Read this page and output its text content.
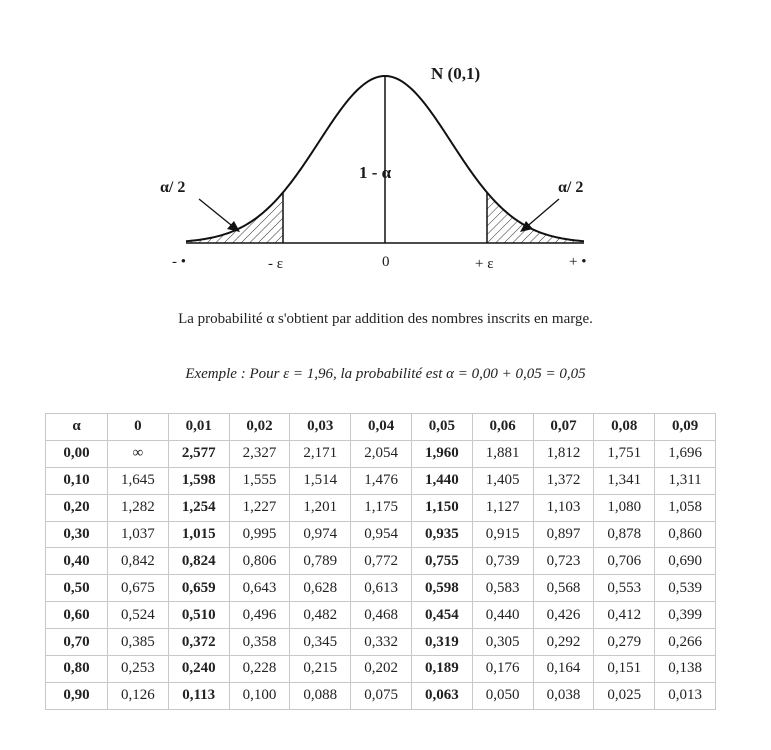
N (0,1)
1 - α
α/ 2	α/ 2
- •	- ε	0	+ ε	+ •
La probabilité α s'obtient par addition des nombres inscrits en marge.
Exemple : Pour ε = 1,96, la probabilité est α = 0,00 + 0,05 = 0,05
α	0	0,01	0,02	0,03	0,04	0,05	0,06	0,07	0,08	0,09
0,00	∞	2,577	2,327	2,171	2,054	1,960	1,881	1,812	1,751	1,696
0,10	1,645	1,598	1,555	1,514	1,476	1,440	1,405	1,372	1,341	1,311
0,20	1,282	1,254	1,227	1,201	1,175	1,150	1,127	1,103	1,080	1,058
0,30	1,037	1,015	0,995	0,974	0,954	0,935	0,915	0,897	0,878	0,860
0,40	0,842	0,824	0,806	0,789	0,772	0,755	0,739	0,723	0,706	0,690
0,50	0,675	0,659	0,643	0,628	0,613	0,598	0,583	0,568	0,553	0,539
0,60	0,524	0,510	0,496	0,482	0,468	0,454	0,440	0,426	0,412	0,399
0,70	0,385	0,372	0,358	0,345	0,332	0,319	0,305	0,292	0,279	0,266
0,80	0,253	0,240	0,228	0,215	0,202	0,189	0,176	0,164	0,151	0,138
0,90	0,126	0,113	0,100	0,088	0,075	0,063	0,050	0,038	0,025	0,013
